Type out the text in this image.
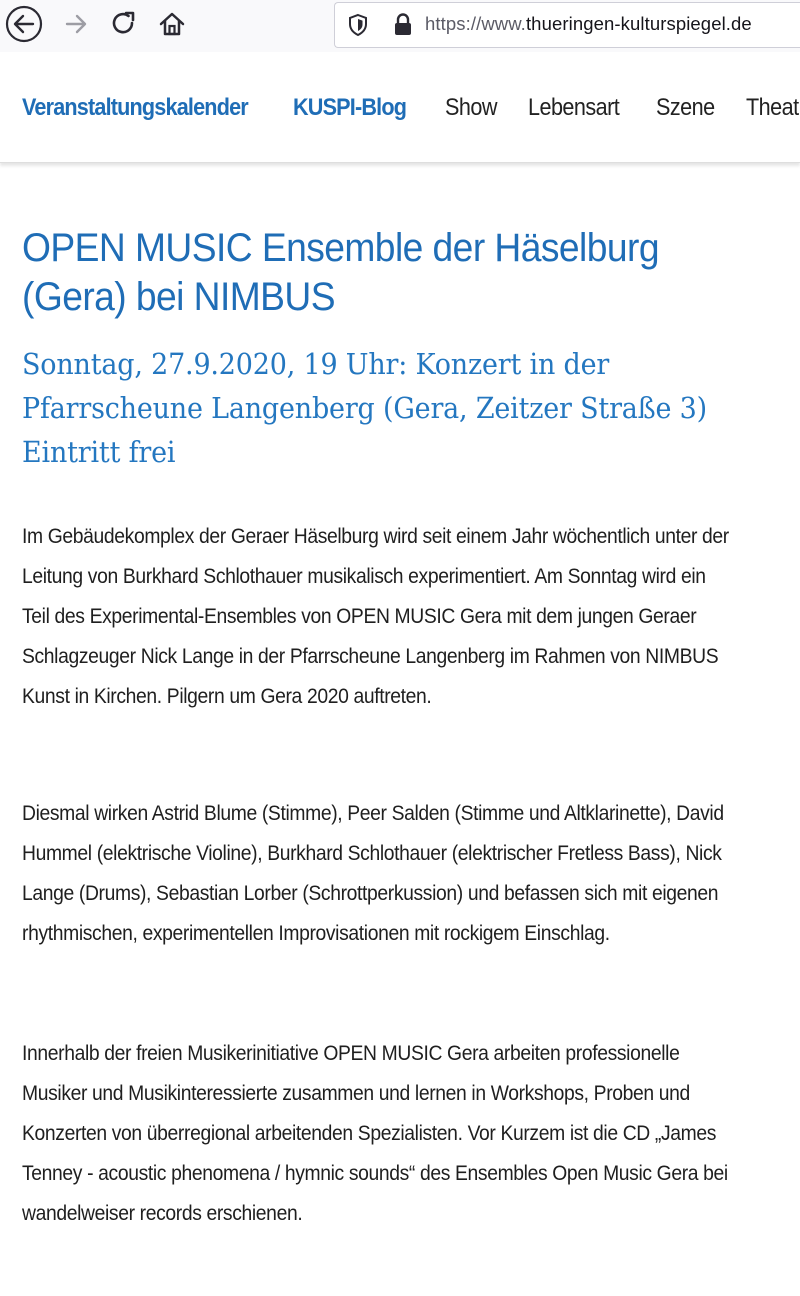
https://www.thueringen-kulturspiegel.de
Veranstaltungskalender KUSPI-Blog Show Lebensart Szene Theat
OPEN MUSIC Ensemble der Häselburg (Gera) bei NIMBUS
Sonntag, 27.9.2020, 19 Uhr: Konzert in der Pfarrscheune Langenberg (Gera, Zeitzer Straße 3) Eintritt frei

Im Gebäudekomplex der Geraer Häselburg wird seit einem Jahr wöchentlich unter der Leitung von Burkhard Schlothauer musikalisch experimentiert. Am Sonntag wird ein Teil des Experimental-Ensembles von OPEN MUSIC Gera mit dem jungen Geraer Schlagzeuger Nick Lange in der Pfarrscheune Langenberg im Rahmen von NIMBUS Kunst in Kirchen. Pilgern um Gera 2020 auftreten.

Diesmal wirken Astrid Blume (Stimme), Peer Salden (Stimme und Altklarinette), David Hummel (elektrische Violine), Burkhard Schlothauer (elektrischer Fretless Bass), Nick Lange (Drums), Sebastian Lorber (Schrottperkussion) und befassen sich mit eigenen rhythmischen, experimentellen Improvisationen mit rockigem Einschlag.

Innerhalb der freien Musikerinitiative OPEN MUSIC Gera arbeiten professionelle Musiker und Musikinteressierte zusammen und lernen in Workshops, Proben und Konzerten von überregional arbeitenden Spezialisten. Vor Kurzem ist die CD „James Tenney - acoustic phenomena / hymnic sounds“ des Ensembles Open Music Gera bei wandelweiser records erschienen.
